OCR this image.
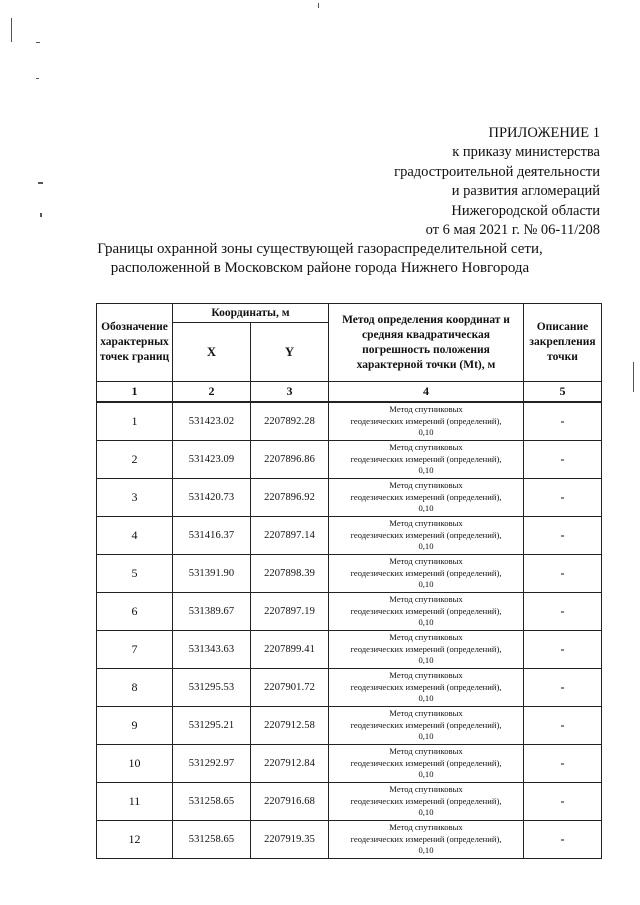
ПРИЛОЖЕНИЕ 1
к приказу министерства
градостроительной деятельности
и развития агломераций
Нижегородской области
от 6 мая 2021 г. № 06-11/208
Границы охранной зоны существующей газораспределительной сети,
расположенной в Московском районе города Нижнего Новгорода
Обозначение характерных точек границ	Координаты, м		Метод определения координат и средняя квадратическая погрешность положения характерной точки (Mt), м	Описание закрепления точки
	X	Y		
1	2	3	4	5
1	531423.02	2207892.28	Метод спутниковых
геодезических измерений (определений),
0,10	-
2	531423.09	2207896.86	Метод спутниковых
геодезических измерений (определений),
0,10	-
3	531420.73	2207896.92	Метод спутниковых
геодезических измерений (определений),
0,10	-
4	531416.37	2207897.14	Метод спутниковых
геодезических измерений (определений),
0,10	-
5	531391.90	2207898.39	Метод спутниковых
геодезических измерений (определений),
0,10	-
6	531389.67	2207897.19	Метод спутниковых
геодезических измерений (определений),
0,10	-
7	531343.63	2207899.41	Метод спутниковых
геодезических измерений (определений),
0,10	-
8	531295.53	2207901.72	Метод спутниковых
геодезических измерений (определений),
0,10	-
9	531295.21	2207912.58	Метод спутниковых
геодезических измерений (определений),
0,10	-
10	531292.97	2207912.84	Метод спутниковых
геодезических измерений (определений),
0,10	-
11	531258.65	2207916.68	Метод спутниковых
геодезических измерений (определений),
0,10	-
12	531258.65	2207919.35	Метод спутниковых
геодезических измерений (определений),
0,10	-
